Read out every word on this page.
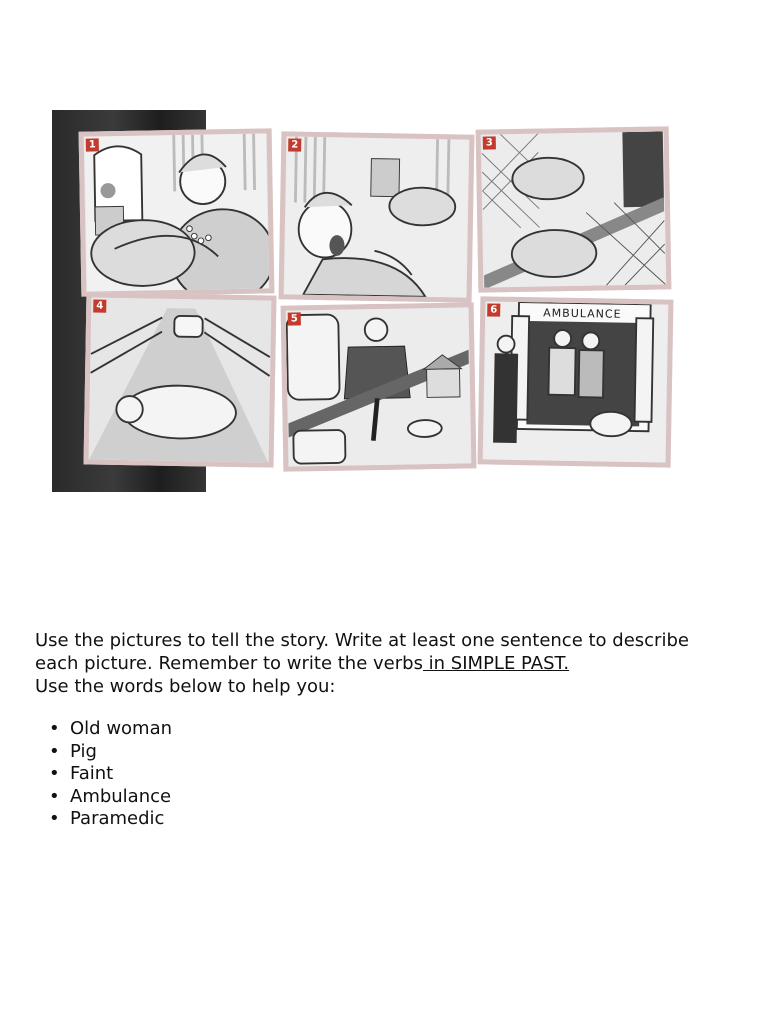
1	2	3
4
5
6	AMBULANCE
Use the pictures to tell the story. Write at least one sentence to describe each picture. Remember to write the verbs in SIMPLE PAST.
Use the words below to help you:
• Old woman
• Pig
• Faint
• Ambulance
• Paramedic
